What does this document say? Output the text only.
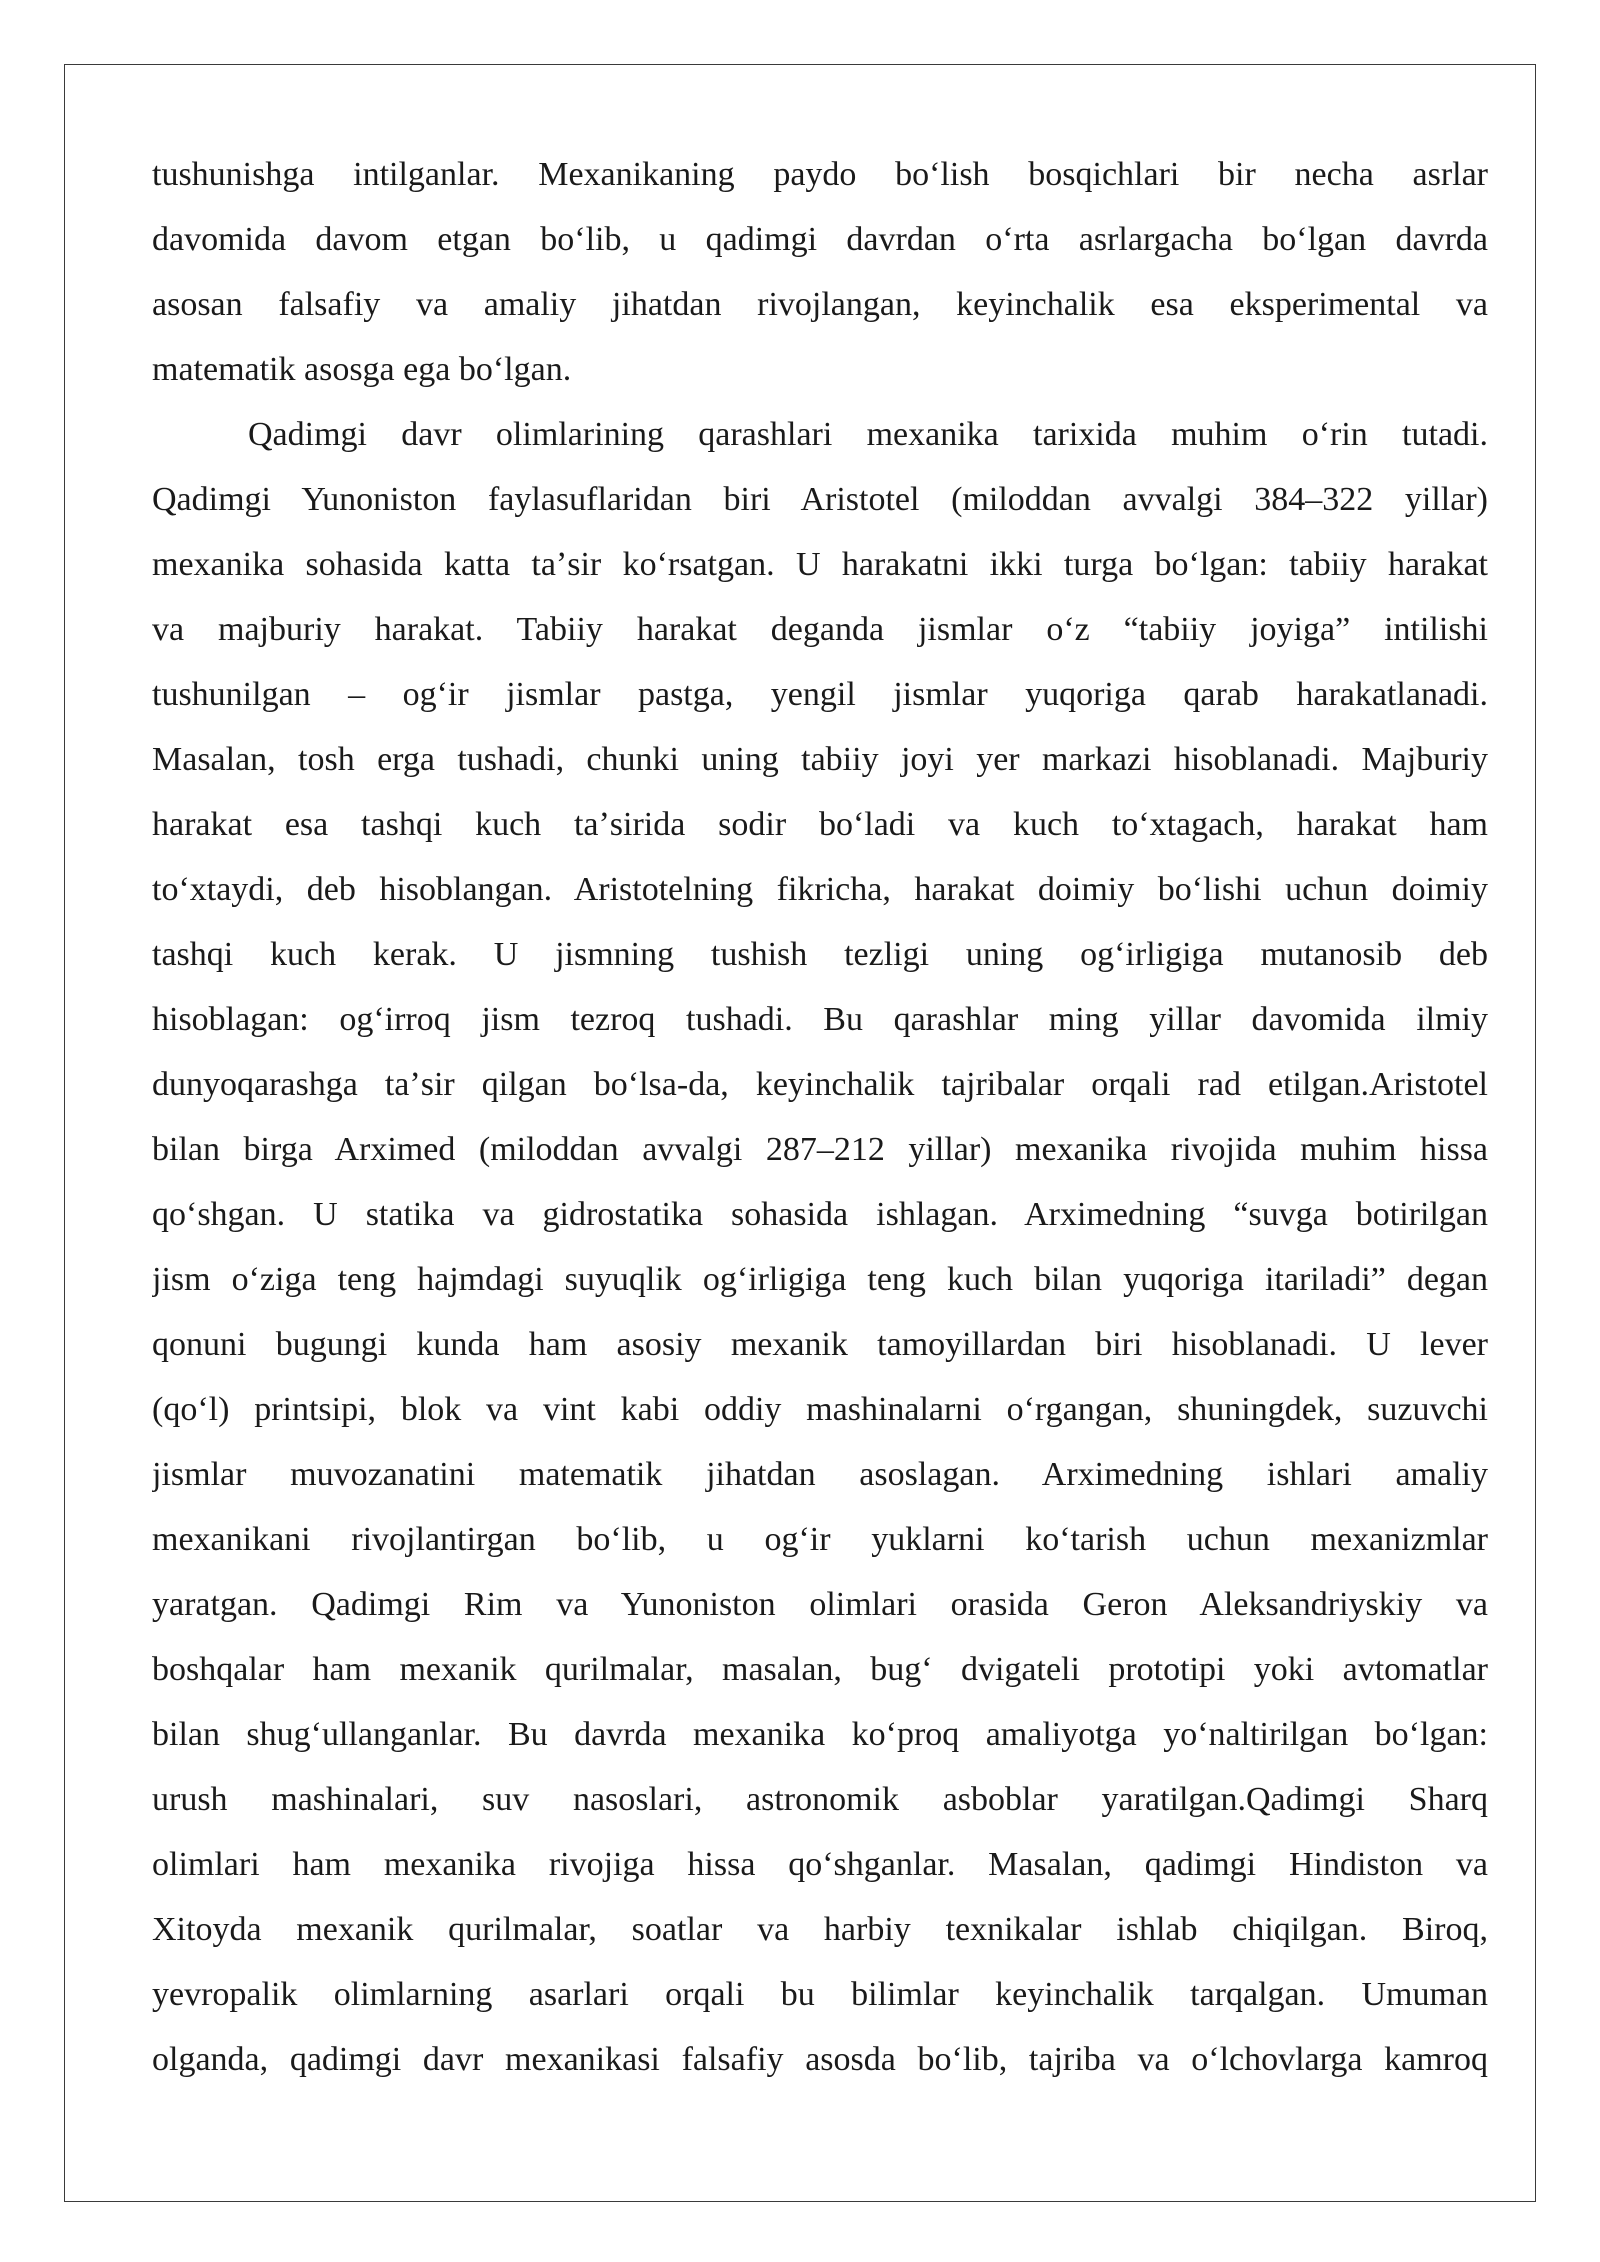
tushunishga intilganlar. Mexanikaning paydo boʻlish bosqichlari bir necha asrlar
davomida davom etgan boʻlib, u qadimgi davrdan oʻrta asrlargacha boʻlgan davrda
asosan falsafiy va amaliy jihatdan rivojlangan, keyinchalik esa eksperimental va
matematik asosga ega boʻlgan.

Qadimgi davr olimlarining qarashlari mexanika tarixida muhim oʻrin tutadi.
Qadimgi Yunoniston faylasuflaridan biri Aristotel (miloddan avvalgi 384–322 yillar)
mexanika sohasida katta taʼsir koʻrsatgan. U harakatni ikki turga boʻlgan: tabiiy harakat
va majburiy harakat. Tabiiy harakat deganda jismlar oʻz “tabiiy joyiga” intilishi
tushunilgan – ogʻir jismlar pastga, yengil jismlar yuqoriga qarab harakatlanadi.
Masalan, tosh erga tushadi, chunki uning tabiiy joyi yer markazi hisoblanadi. Majburiy
harakat esa tashqi kuch taʼsirida sodir boʻladi va kuch toʻxtagach, harakat ham
toʻxtaydi, deb hisoblangan. Aristotelning fikricha, harakat doimiy boʻlishi uchun doimiy
tashqi kuch kerak. U jismning tushish tezligi uning ogʻirligiga mutanosib deb
hisoblagan: ogʻirroq jism tezroq tushadi. Bu qarashlar ming yillar davomida ilmiy
dunyoqarashga taʼsir qilgan boʻlsa-da, keyinchalik tajribalar orqali rad etilgan.Aristotel
bilan birga Arximed (miloddan avvalgi 287–212 yillar) mexanika rivojida muhim hissa
qoʻshgan. U statika va gidrostatika sohasida ishlagan. Arximedning “suvga botirilgan
jism oʻziga teng hajmdagi suyuqlik ogʻirligiga teng kuch bilan yuqoriga itariladi” degan
qonuni bugungi kunda ham asosiy mexanik tamoyillardan biri hisoblanadi. U lever
(qoʻl) printsipi, blok va vint kabi oddiy mashinalarni oʻrgangan, shuningdek, suzuvchi
jismlar muvozanatini matematik jihatdan asoslagan. Arximedning ishlari amaliy
mexanikani rivojlantirgan boʻlib, u ogʻir yuklarni koʻtarish uchun mexanizmlar
yaratgan. Qadimgi Rim va Yunoniston olimlari orasida Geron Aleksandriyskiy va
boshqalar ham mexanik qurilmalar, masalan, bugʻ dvigateli prototipi yoki avtomatlar
bilan shugʻullanganlar. Bu davrda mexanika koʻproq amaliyotga yoʻnaltirilgan boʻlgan:
urush mashinalari, suv nasoslari, astronomik asboblar yaratilgan.Qadimgi Sharq
olimlari ham mexanika rivojiga hissa qoʻshganlar. Masalan, qadimgi Hindiston va
Xitoyda mexanik qurilmalar, soatlar va harbiy texnikalar ishlab chiqilgan. Biroq,
yevropalik olimlarning asarlari orqali bu bilimlar keyinchalik tarqalgan. Umuman
olganda, qadimgi davr mexanikasi falsafiy asosda boʻlib, tajriba va oʻlchovlarga kamroq
